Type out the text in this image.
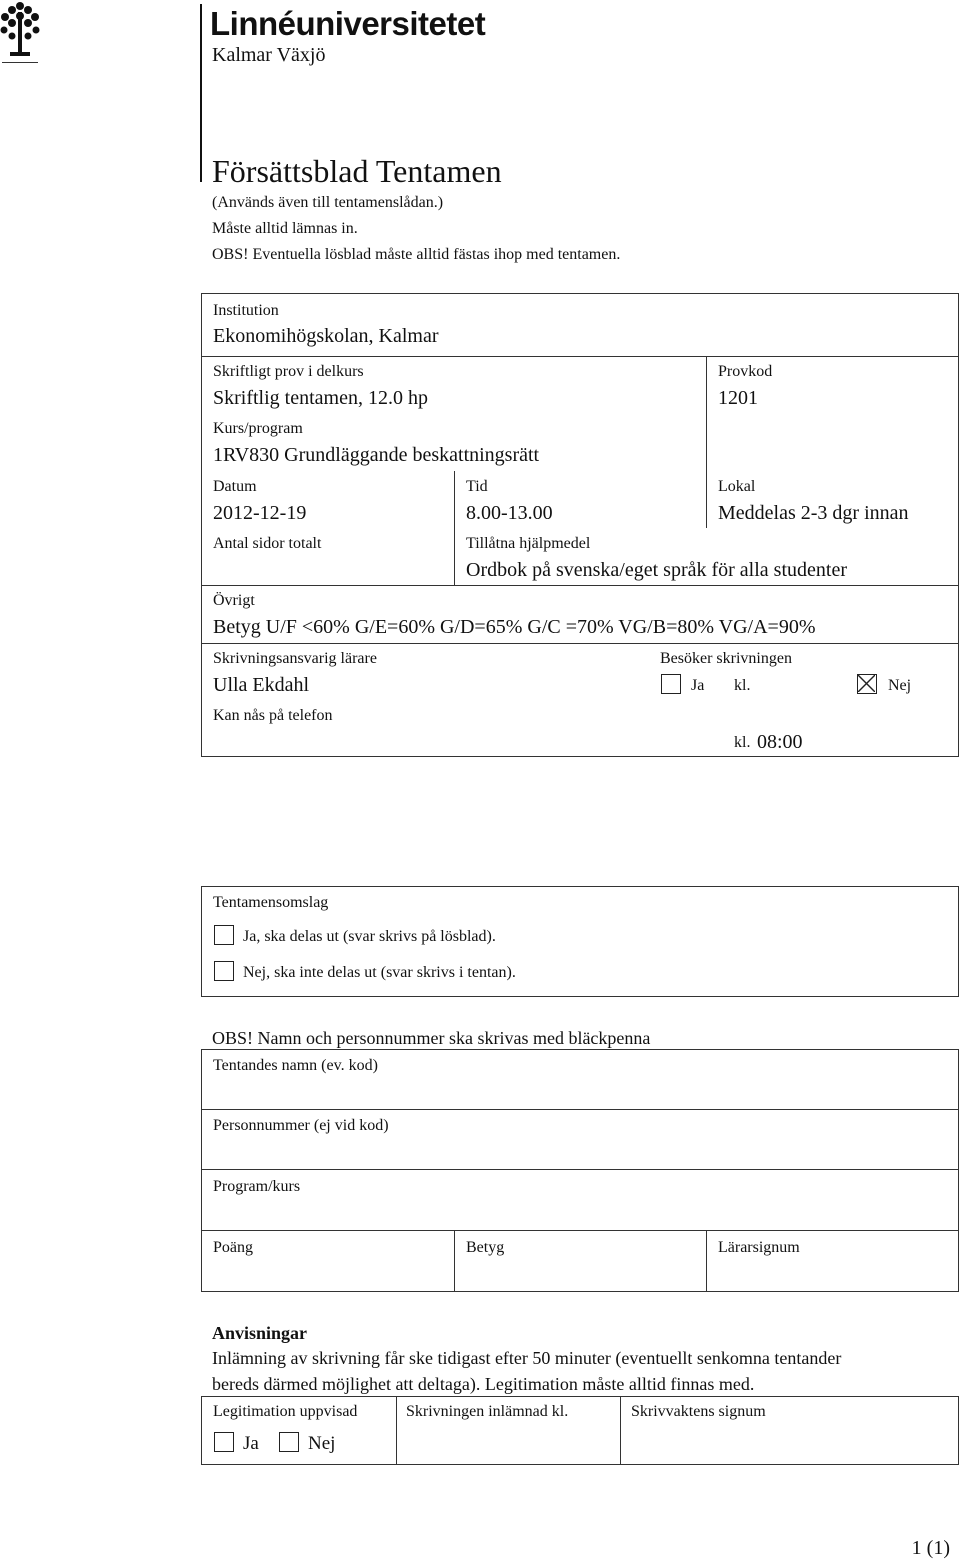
Linnéuniversitetet
Kalmar Växjö
Försättsblad Tentamen
(Används även till tentamenslådan.)
Måste alltid lämnas in.
OBS! Eventuella lösblad måste alltid fästas ihop med tentamen.
Institution
Ekonomihögskolan, Kalmar
Skriftligt prov i delkurs
Skriftlig tentamen, 12.0 hp
Provkod
1201
Kurs/program
1RV830 Grundläggande beskattningsrätt
Datum
2012-12-19
Tid
8.00-13.00
Lokal
Meddelas 2-3 dgr innan
Antal sidor totalt	Tillåtna hjälpmedel
Ordbok på svenska/eget språk för alla studenter
Övrigt
Betyg U/F <60% G/E=60% G/D=65% G/C =70% VG/B=80% VG/A=90%
Skrivningsansvarig lärare
Ulla Ekdahl
Besöker skrivningen
Ja kl.	Nej
Kan nås på telefon
kl. 08:00
Tentamensomslag
Ja, ska delas ut (svar skrivs på lösblad).
Nej, ska inte delas ut (svar skrivs i tentan).
OBS! Namn och personnummer ska skrivas med bläckpenna
Tentandes namn (ev. kod)
Personnummer (ej vid kod)
Program/kurs
Poäng	Betyg	Lärarsignum
Anvisningar
Inlämning av skrivning får ske tidigast efter 50 minuter (eventuellt senkomna tentander
bereds därmed möjlighet att deltaga). Legitimation måste alltid finnas med.
Legitimation uppvisad
Ja	Nej
Skrivningen inlämnad kl.	Skrivvaktens signum
1 (1)
